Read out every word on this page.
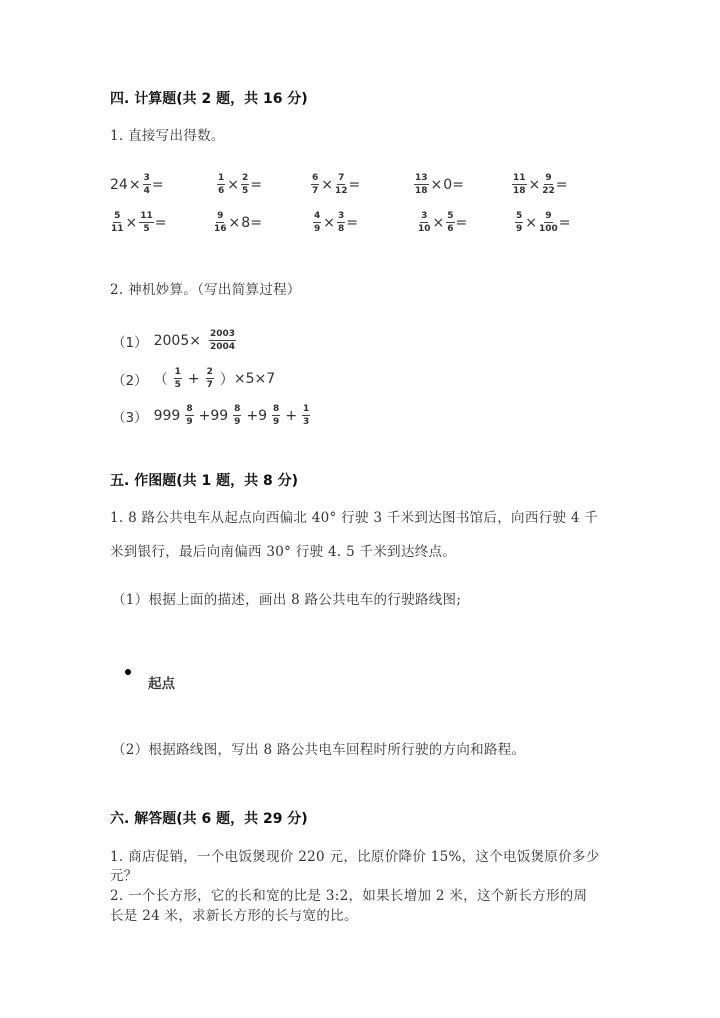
四. 计算题(共 2 题，共 16 分)
1. 直接写出得数。
$24 \times \frac{3}{4}$ =	$\frac{1}{6} \times \frac{2}{5}$ =	$\frac{6}{7} \times \frac{7}{12}$ =	$\frac{13}{18} \times 0$ =	$\frac{11}{18} \times \frac{9}{22}$ =
$\frac{5}{11} \times \frac{11}{5}$ =	$\frac{9}{16} \times 8$ =	$\frac{4}{9} \times \frac{3}{8}$ =	$\frac{3}{10} \times \frac{5}{6}$ =	$\frac{5}{9} \times \frac{9}{100}$ =
2. 神机妙算。（写出简算过程）
（1） $2005\times \frac{2003}{2004}$
（2） （ $\frac{1}{5} + \frac{2}{7}$ ） ×5×7
（3） $999 \frac{8}{9} +99 \frac{8}{9} +9 \frac{8}{9} + \frac{1}{3}$
五. 作图题(共 1 题，共 8 分)
1. 8 路公共电车从起点向西偏北 40° 行驶 3 千米到达图书馆后，向西行驶 4 千
米到银行，最后向南偏西 30° 行驶 4. 5 千米到达终点。
（1）根据上面的描述，画出 8 路公共电车的行驶路线图;
起点
（2）根据路线图，写出 8 路公共电车回程时所行驶的方向和路程。
六. 解答题(共 6 题，共 29 分)
1. 商店促销，一个电饭煲现价 220 元，比原价降价 15%，这个电饭煲原价多少
元？
2. 一个长方形，它的长和宽的比是 3:2，如果长增加 2 米，这个新长方形的周
长是 24 米，求新长方形的长与宽的比。
